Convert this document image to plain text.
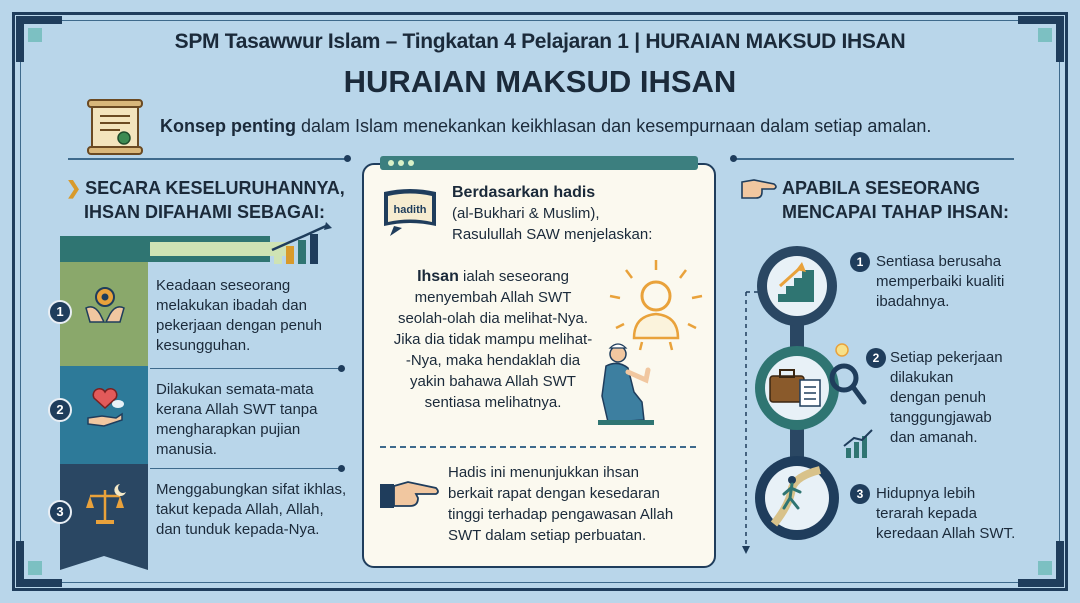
SPM Tasawwur Islam – Tingkatan 4 Pelajaran 1 | HURAIAN MAKSUD IHSAN
HURAIAN MAKSUD IHSAN
Konsep penting dalam Islam menekankan keikhlasan dan kesempurnaan dalam setiap amalan.
❯ SECARA KESELURUHANNYA,
IHSAN DIFAHAMI SEBAGAI:
1
2
3
Keadaan seseorang melakukan ibadah dan pekerjaan dengan penuh kesungguhan.
Dilakukan semata-mata kerana Allah SWT tanpa mengharapkan pujian manusia.
Menggabungkan sifat ikhlas, takut kepada Allah, Allah, dan tunduk kepada-Nya.
hadith
Berdasarkan hadis
(al-Bukhari & Muslim),
Rasulullah SAW menjelaskan:
Ihsan ialah seseorang
menyembah Allah SWT
seolah-olah dia melihat-Nya.
Jika dia tidak mampu melihat-
-Nya, maka hendaklah dia
yakin bahawa Allah SWT
sentiasa melihatnya.
Hadis ini menunjukkan ihsan
berkait rapat dengan kesedaran
tinggi terhadap pengawasan Allah
SWT dalam setiap perbuatan.
APABILA SESEORANG
MENCAPAI TAHAP IHSAN:
1 Sentiasa berusaha
memperbaiki kualiti
ibadahnya.
2 Setiap pekerjaan
dilakukan
dengan penuh
tanggungjawab
dan amanah.
3 Hidupnya lebih
terarah kepada
keredaan Allah SWT.
